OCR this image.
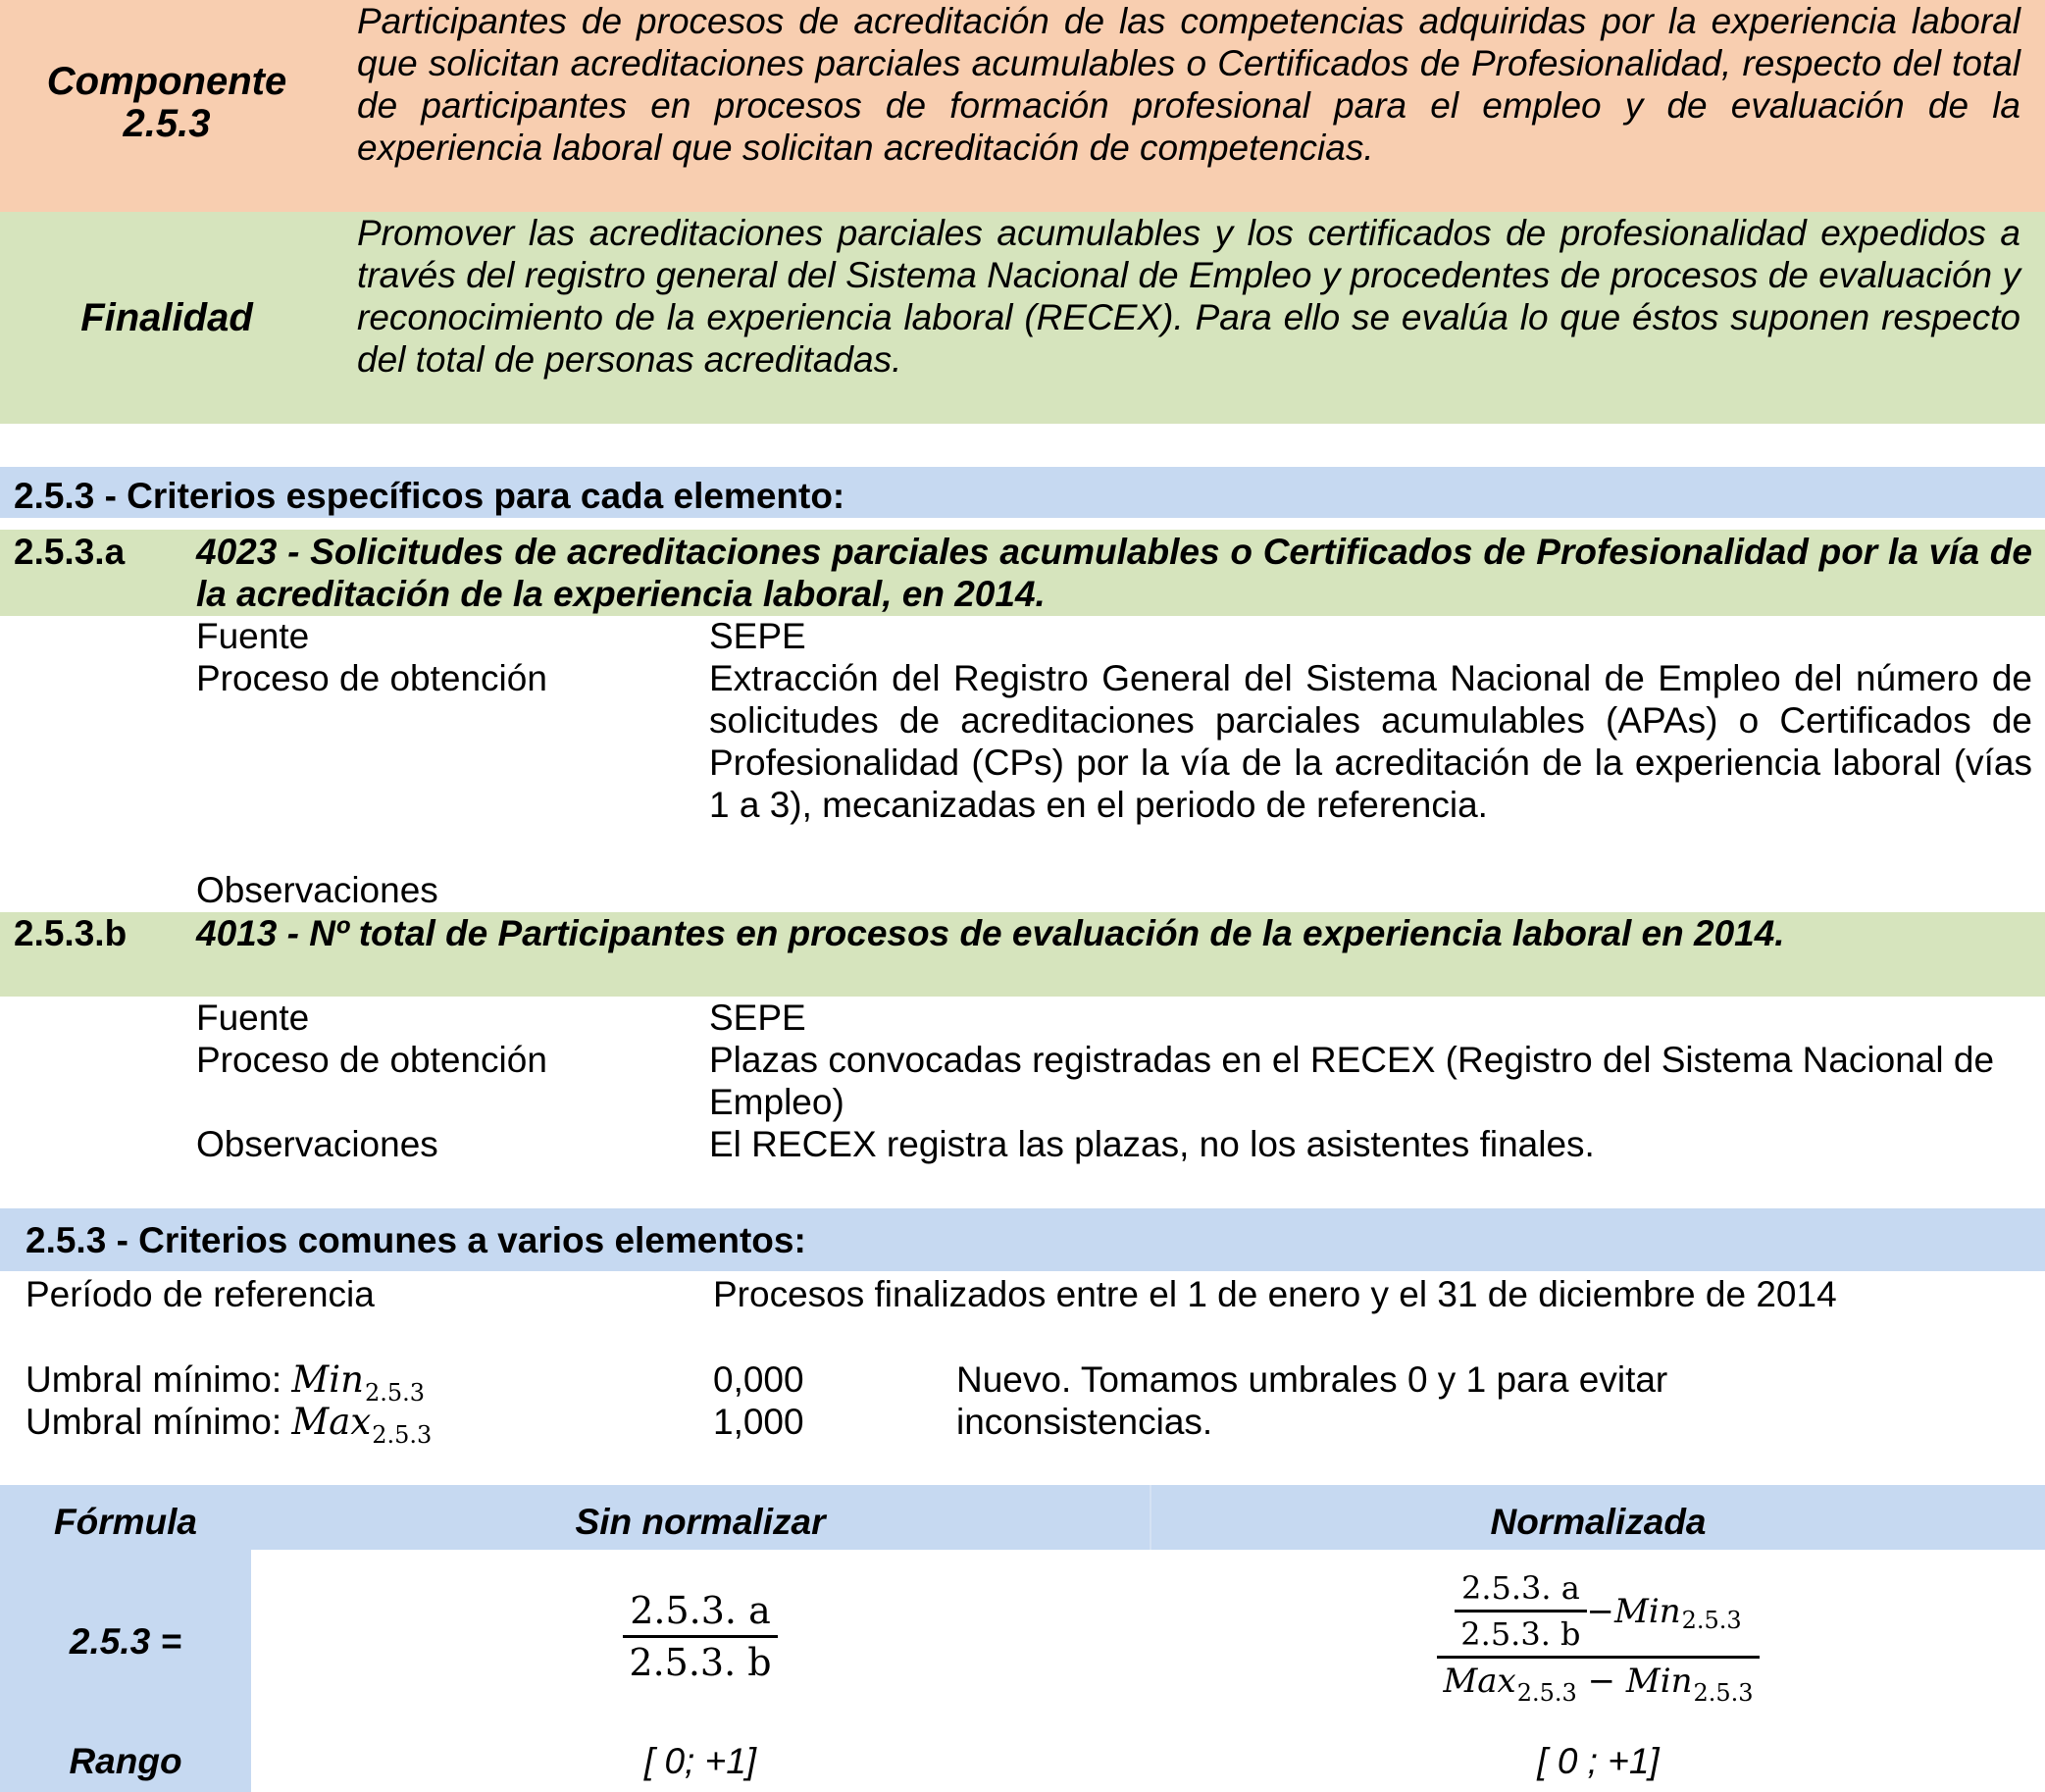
Componente 2.5.3
Participantes de procesos de acreditación de las competencias adquiridas por la experiencia laboral que solicitan acreditaciones parciales acumulables o Certificados de Profesionalidad, respecto del total de participantes en procesos de formación profesional para el empleo y de evaluación de la experiencia laboral que solicitan acreditación de competencias.
Finalidad
Promover las acreditaciones parciales acumulables y los certificados de profesionalidad expedidos a través del registro general del Sistema Nacional de Empleo y procedentes de procesos de evaluación y reconocimiento de la experiencia laboral (RECEX). Para ello se evalúa lo que éstos suponen respecto del total de personas acreditadas.
2.5.3 - Criterios específicos para cada elemento:
2.5.3.a 4023 - Solicitudes de acreditaciones parciales acumulables o Certificados de Profesionalidad por la vía de la acreditación de la experiencia laboral, en 2014.
Fuente	SEPE
Proceso de obtención	Extracción del Registro General del Sistema Nacional de Empleo del número de solicitudes de acreditaciones parciales acumulables (APAs) o Certificados de Profesionalidad (CPs) por la vía de la acreditación de la experiencia laboral (vías 1 a 3), mecanizadas en el periodo de referencia.
Observaciones
2.5.3.b 4013 - Nº total de Participantes en procesos de evaluación de la experiencia laboral en 2014.
Fuente	SEPE
Proceso de obtención	Plazas convocadas registradas en el RECEX (Registro del Sistema Nacional de Empleo)
Observaciones	El RECEX registra las plazas, no los asistentes finales.
2.5.3 - Criterios comunes a varios elementos:
Período de referencia	Procesos finalizados entre el 1 de enero y el 31 de diciembre de 2014
Umbral mínimo: Min$_{2.5.3}$	0,000
Umbral mínimo: Max$_{2.5.3}$	1,000
Nuevo. Tomamos umbrales 0 y 1 para evitar inconsistencias.
Fórmula	Sin normalizar	Normalizada
2.5.3 =	$\frac{2.5.3. a}{2.5.3. b}$	$\frac{\frac{2.5.3. a}{2.5.3. b} - Min 2.5.3}{Max_{2.5.3} - Min_{2.5.3}}$
Rango	[ 0; +1]	[ 0 ; +1]
